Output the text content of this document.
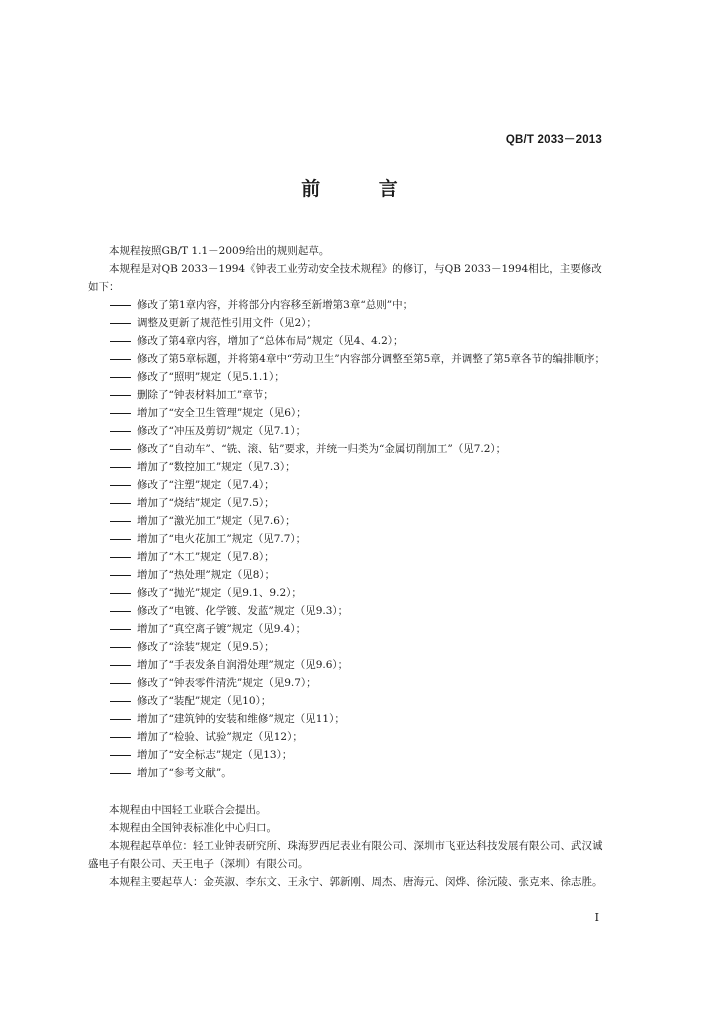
QB/T 2033－2013
前 言

本规程按照GB/T 1.1－2009给出的规则起草。

本规程是对QB 2033－1994《钟表工业劳动安全技术规程》的修订，与QB 2033－1994相比，主要修改如下：

修改了第1章内容，并将部分内容移至新增第3章“总则”中；
调整及更新了规范性引用文件（见2）；
修改了第4章内容，增加了“总体布局”规定（见4、4.2）；
修改了第5章标题，并将第4章中“劳动卫生”内容部分调整至第5章，并调整了第5章各节的编排顺序；
修改了“照明”规定（见5.1.1）；
删除了“钟表材料加工”章节；
增加了“安全卫生管理”规定（见6）；
修改了“冲压及剪切”规定（见7.1）；
修改了“自动车”、“铣、滚、钻”要求，并统一归类为“金属切削加工”（见7.2）；
增加了“数控加工”规定（见7.3）；
修改了“注塑”规定（见7.4）；
增加了“烧结”规定（见7.5）；
增加了“激光加工”规定（见7.6）；
增加了“电火花加工”规定（见7.7）；
增加了“木工”规定（见7.8）；
增加了“热处理”规定（见8）；
修改了“抛光”规定（见9.1、9.2）；
修改了“电镀、化学镀、发蓝”规定（见9.3）；
增加了“真空离子镀”规定（见9.4）；
修改了“涂装”规定（见9.5）；
增加了“手表发条自润滑处理”规定（见9.6）；
修改了“钟表零件清洗”规定（见9.7）；
修改了“装配”规定（见10）；
增加了“建筑钟的安装和维修”规定（见11）；
增加了“检验、试验”规定（见12）；
增加了“安全标志”规定（见13）；
增加了“参考文献”。

本规程由中国轻工业联合会提出。

本规程由全国钟表标准化中心归口。

本规程起草单位：轻工业钟表研究所、珠海罗西尼表业有限公司、深圳市飞亚达科技发展有限公司、武汉诚盛电子有限公司、天王电子（深圳）有限公司。

本规程主要起草人：金英淑、李东文、王永宁、郭新刚、周杰、唐海元、闵烨、徐沅陵、张克来、徐志胜。

I
